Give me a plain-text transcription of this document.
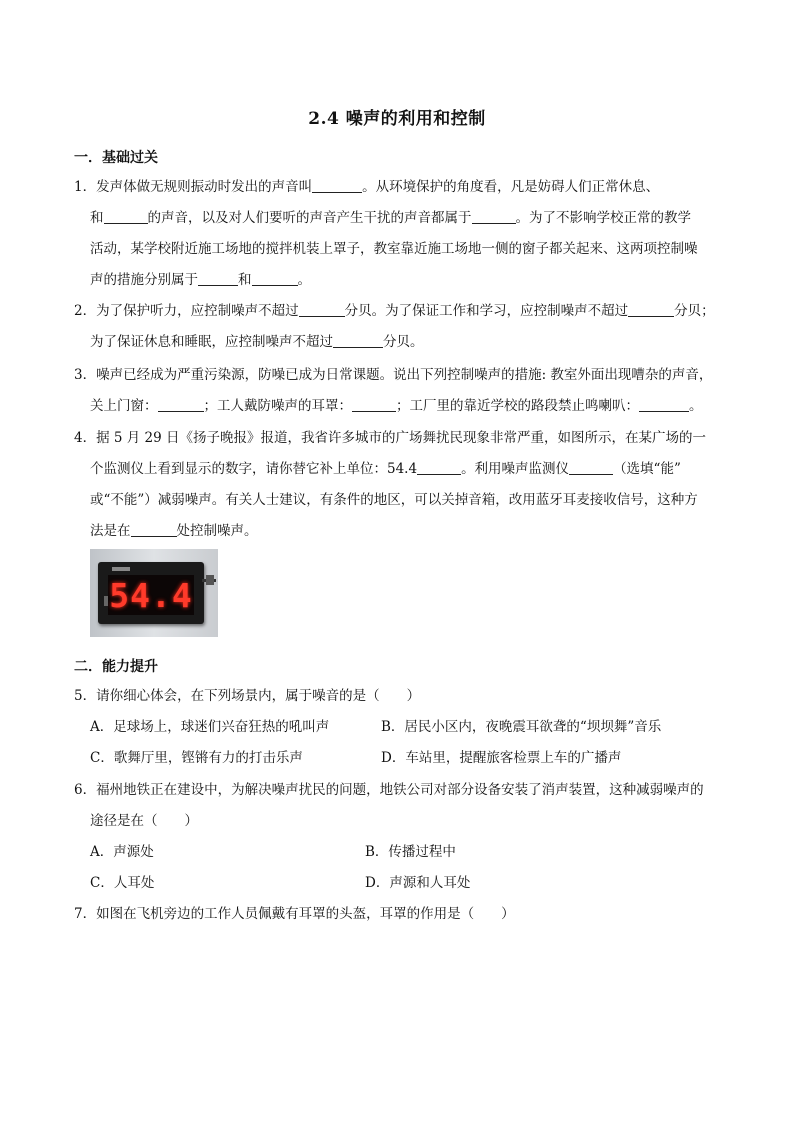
2.4 噪声的利用和控制
一．基础过关
1．发声体做无规则振动时发出的声音叫	。从环境保护的角度看，凡是妨碍人们正常休息、
和	的声音，以及对人们要听的声音产生干扰的声音都属于	。为了不影响学校正常的教学
活动，某学校附近施工场地的搅拌机装上罩子，教室靠近施工场地一侧的窗子都关起来、这两项控制噪
声的措施分别属于	和	。
2．为了保护听力，应控制噪声不超过	分贝。为了保证工作和学习，应控制噪声不超过	分贝；
为了保证休息和睡眠，应控制噪声不超过	分贝。
3．噪声已经成为严重污染源，防噪已成为日常课题。说出下列控制噪声的措施: 教室外面出现嘈杂的声音，
关上门窗：	；工人戴防噪声的耳罩：	；工厂里的靠近学校的路段禁止鸣喇叭：	。
4．据 5 月 29 日《扬子晚报》报道，我省许多城市的广场舞扰民现象非常严重，如图所示，在某广场的一
个监测仪上看到显示的数字，请你替它补上单位：54.4	。利用噪声监测仪	（选填“能”
或“不能”）减弱噪声。有关人士建议，有条件的地区，可以关掉音箱，改用蓝牙耳麦接收信号，这种方
法是在	处控制噪声。
54.4
二．能力提升
5．请你细心体会，在下列场景内，属于噪音的是（　　）
A．足球场上，球迷们兴奋狂热的吼叫声	B．居民小区内，夜晚震耳欲聋的“坝坝舞”音乐
C．歌舞厅里，铿锵有力的打击乐声	D．车站里，提醒旅客检票上车的广播声
6．福州地铁正在建设中，为解决噪声扰民的问题，地铁公司对部分设备安装了消声装置，这种减弱噪声的
途径是在（　　）
A．声源处	B．传播过程中
C．人耳处	D．声源和人耳处
7．如图在飞机旁边的工作人员佩戴有耳罩的头盔，耳罩的作用是（　　）
